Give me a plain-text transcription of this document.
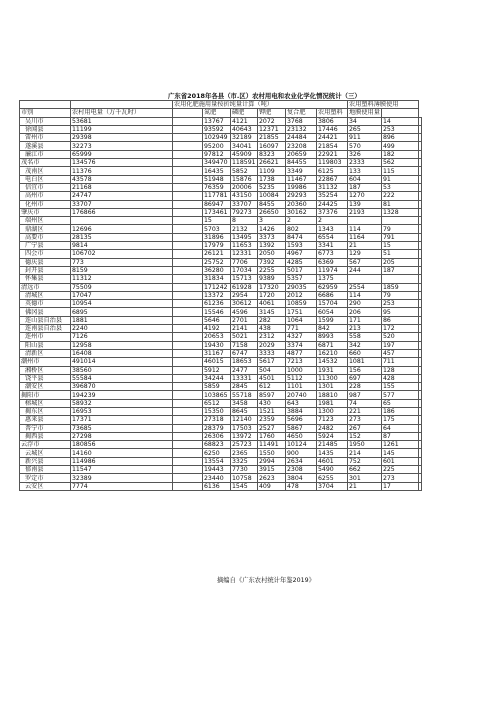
广东省2018年各县（市.区）农村用电和农业化学化情况统计（三）
		农用化肥施用量按折纯量计算（吨）						农用塑料薄膜使用		
市别	农村用电量（万千瓦时）		氮肥	磷肥	钾肥	复合肥	农用塑料	地膜使用量		
吴川市	53681		13767	4121	2072	3768	3806	34	14	
徐闻县	11199		93592	40643	12371	23132	17446	265	253	
雷州市	29398		102949	32189	21855	24484	24421	911	896	
遂溪县	32273		95200	34041	16097	23208	21854	570	499	
廉江市	65999		97812	45909	8323	20659	22921	326	182	
茂名市	134576		349470	118591	26621	84455	119803	2333	562	
茂南区	11376		16435	5852	1109	3349	6125	133	115	
电白区	43578		51948	15876	1738	11467	22867	604	91	
信宜市	21168		76359	20006	5235	19986	31132	187	53	
高州市	24747		117781	43150	10084	29293	35254	1270	222	
化州市	33707		86947	33707	8455	20360	24425	139	81	
肇庆市	176866		173461	79273	26650	30162	37376	2193	1328	
端州区			15	8	3	2	2			
鼎湖区	12696		5703	2132	1426	802	1343	114	79	
高要市	28135		31896	13495	3373	8474	6554	1164	791	
广宁县	9814		17979	11653	1392	1593	3341	21	15	
四会市	106702		26121	12331	2050	4967	6773	129	51	
德庆县	773		25752	7706	7392	4285	6369	567	205	
封开县	8159		36280	17034	2255	5017	11974	244	187	
怀集县	11312		31834	15713	9389	5357	1375			
清远市	75509		171242	61928	17320	29035	62959	2554	1859	
清城区	17047		13372	2954	1720	2012	6686	114	79	
英德市	10954		61236	30612	4061	10859	15704	290	253	
佛冈县	6895		15546	4596	3145	1751	6054	206	95	
连山县自治县	1881		5646	2701	282	1064	1599	171	86	
连南县自治县	2240		4192	2141	438	771	842	213	172	
连州市	7126		20653	5021	2312	4327	8993	558	520	
阳山县	12958		19430	7158	2029	3374	6871	342	197	
清新区	16408		31167	6747	3333	4877	16210	660	457	
潮州市	491014		46015	18653	5617	7213	14532	1081	711	
湘桥区	38560		5912	2477	504	1000	1931	156	128	
饶平县	55584		34244	13331	4501	5112	11300	697	428	
潮安区	396870		5859	2845	612	1101	1301	228	155	
揭阳市	194239		103865	55718	8597	20740	18810	987	577	
榕城区	58932		6512	3458	430	643	1981	74	65	
揭东区	16953		15350	8645	1521	3884	1300	221	186	
惠来县	17371		27318	12140	2359	5696	7123	273	175	
普宁市	73685		28379	17503	2527	5867	2482	267	64	
揭西县	27298		26306	13972	1760	4650	5924	152	87	
云浮市	180856		68823	25723	11491	10124	21485	1950	1261	
云城区	14160		6250	2365	1550	900	1435	214	145	
新兴县	114986		13554	3325	2994	2634	4601	752	601	
郁南县	11547		19443	7730	3915	2308	5490	662	225	
罗定市	32389		23440	10758	2623	3804	6255	301	273	
云安区	7774		6136	1545	409	478	3704	21	17	
摘编自《广东农村统计年鉴2019》
